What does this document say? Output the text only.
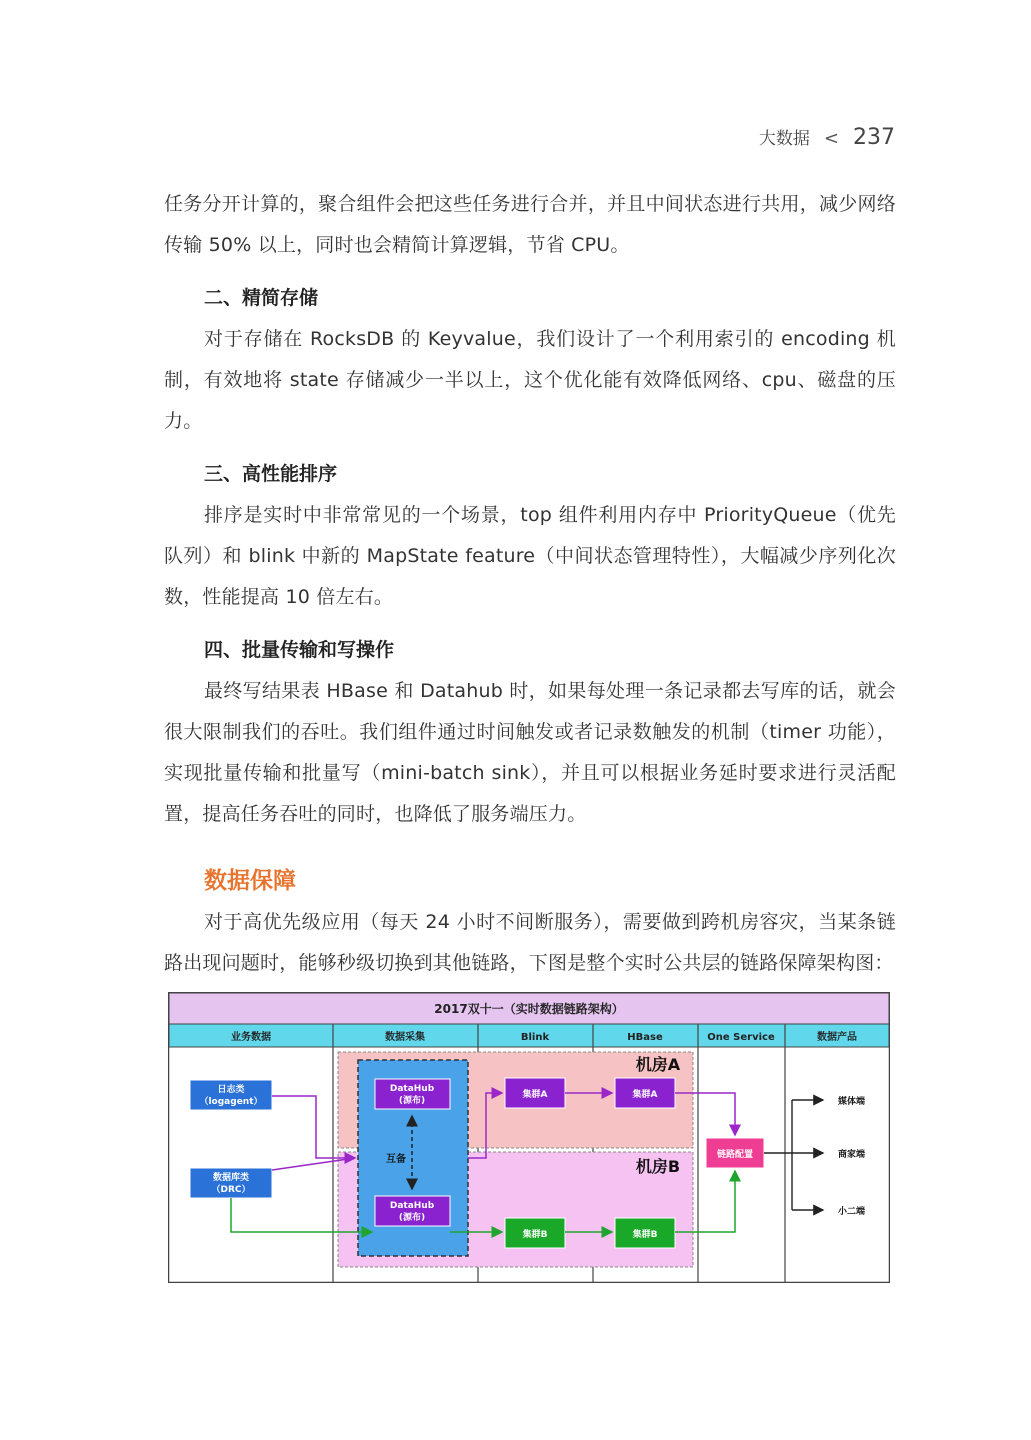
大数据 < 237

任务分开计算的，聚合组件会把这些任务进行合并，并且中间状态进行共用，减少网络传输 50% 以上，同时也会精简计算逻辑，节省 CPU。

二、精简存储

对于存储在 RocksDB 的 Keyvalue，我们设计了一个利用索引的 encoding 机制，有效地将 state 存储减少一半以上，这个优化能有效降低网络、cpu、磁盘的压力。

三、高性能排序

排序是实时中非常常见的一个场景，top 组件利用内存中 PriorityQueue（优先队列）和 blink 中新的 MapState feature（中间状态管理特性），大幅减少序列化次数，性能提高 10 倍左右。

四、批量传输和写操作

最终写结果表 HBase 和 Datahub 时，如果每处理一条记录都去写库的话，就会很大限制我们的吞吐。我们组件通过时间触发或者记录数触发的机制（timer 功能），实现批量传输和批量写（mini-batch sink），并且可以根据业务延时要求进行灵活配置，提高任务吞吐的同时，也降低了服务端压力。

数据保障

对于高优先级应用（每天 24 小时不间断服务），需要做到跨机房容灾，当某条链路出现问题时，能够秒级切换到其他链路，下图是整个实时公共层的链路保障架构图：

2017双十一（实时数据链路架构）
业务数据	数据采集	Blink	HBase	One Service	数据产品
机房A
机房B
DataHub
(源布)
DataHub
(源布)
互备
日志类
（logagent）
数据库类
（DRC）
集群A
集群B
集群A
集群B
链路配置
媒体端
商家端
小二端
